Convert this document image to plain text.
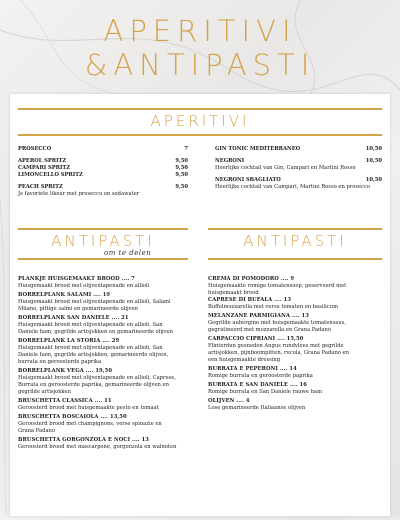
APERITIVI
&ANTIPASTI
APERITIVI
PROSECCO	7
APEROL SPRITZ	9,50
CAMPARI SPRITZ	9,50
LIMONCELLO SPRITZ	9,50
PEACH SPRITZ	9,50
Je favoriete likeur met prosecco en sodawater
GIN TONIC MEDITERRANEO	10,50
NEGRONI	10,50
Heerlijke cocktail van Gin, Campari en Martini Rosso
NEGRONI SBAGLIATO	10,50
Heerlijke cocktail van Campari, Martini Rosso en prosecco
ANTIPASTI
om te delen
ANTIPASTI
PLANKJE HUISGEMAAKT BROOD .... 7
Huisgemaakt brood met olijventapenade en allioli
BORRELPLANK SALAMI .... 19
Huisgemaakt brood met olijventapenade en allioli, Salami
Milano, pittige salmi en gemarineerde olijven
BORRELPLANK SAN DANIELE .... 21
Huisgemaakt brood met olijventapenade en allioli, San
Daniele ham, gegrilde artisjokken en gemarineerde olijven
BORRELPLANK LA STORIA .... 29
Huisgemaakt brood met olijventapenade en allioli, San
Daniele ham, gegrilde artisjokken, gemarineerde olijven,
burrata en geroosterde paprika
BORRELPLANK VEGA .... 19,50
Huisgemaakt brood met olijventapenade en allioli, Caprese,
Burrata en geroosterde paprika, gemarineerde olijven en
gegrilde artisjokken
BRUSCHETTA CLASSICA .... 11
Geroosterd brood met huisgemaakte pesto en tomaat
BRUSCHETTA BOSCAIOLA .... 13,50
Geroosterd brood met champignons, verse spinazie en
Grana Padano
BRUSCHETTA GORGONZOLA E NOCI .... 13
Geroosterd brood met mascarpone, gorgonzola en walnoten
CREMA DI POMODORO .... 9
Huisgemaakte romige tomatensoep, geserveerd met
huisgemaakt brood
CAPRESE DI BUFALA .... 13
Buffelmozzarella met verse tomaten en basilicum
MELANZANE PARMIGIANA .... 13
Gegrilde aubergine met huisgemaakte tomatensaus,
gegratineerd met mozzarella en Grana Padano
CARPACCIO CIPRIANI .... 15,50
Flinterdun gesneden Angus rundvlees met gegrilde
artisjokken, pijnboompitten, rucola, Grana Padano en
een huisgemaakte dressing
BURRATA E PEPERONI .... 14
Romige burrata en geroosterde paprika
BURRATA E SAN DANIELE .... 16
Romige burrata en San Daniele rauwe ham
OLIJVEN .... 4
Lose gemarineerde Italiaanse olijven
